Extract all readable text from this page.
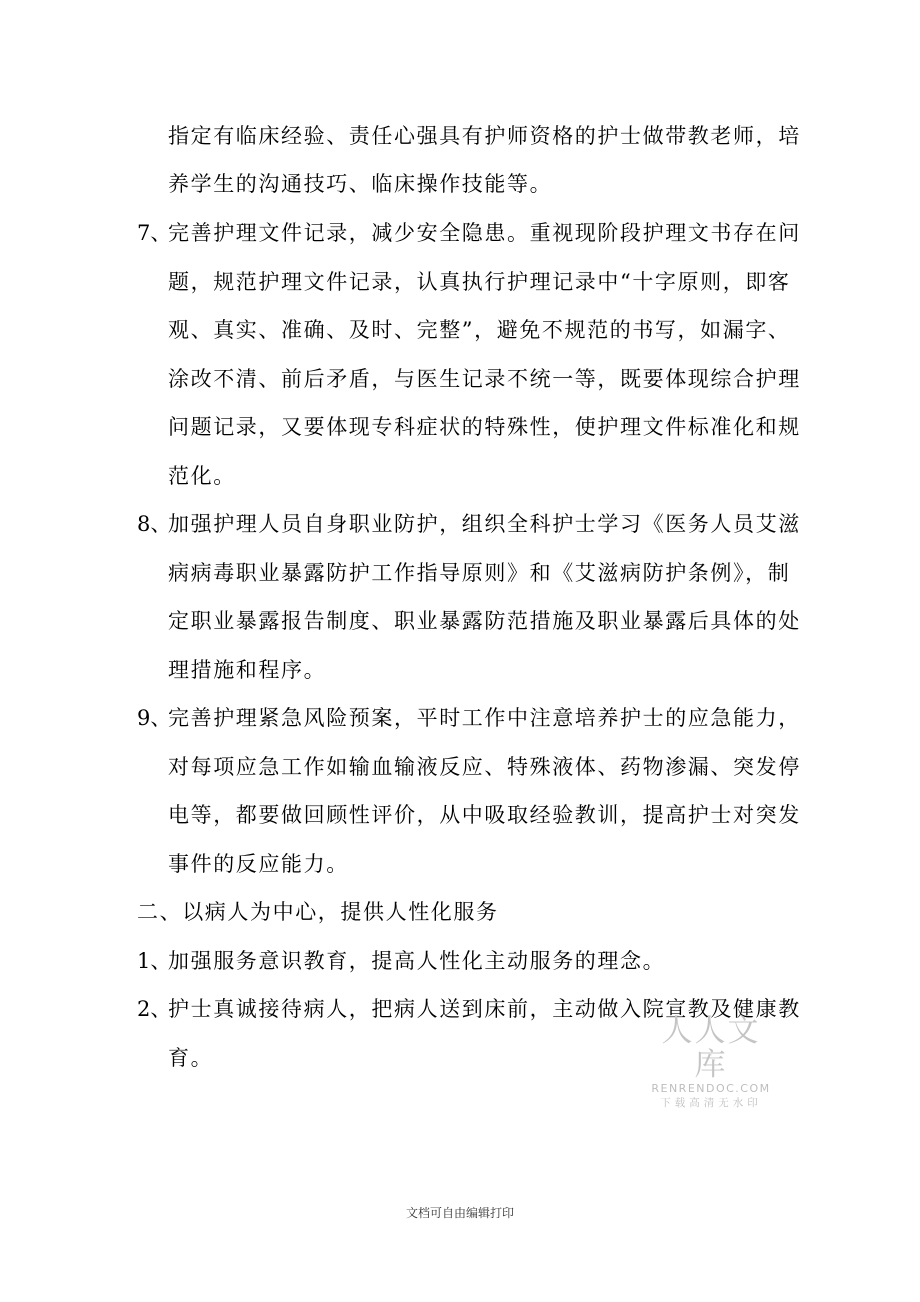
指定有临床经验、责任心强具有护师资格的护士做带教老师，培
养学生的沟通技巧、临床操作技能等。
7、
完善护理文件记录，减少安全隐患。重视现阶段护理文书存在问
题，规范护理文件记录，认真执行护理记录中“十字原则，即客
观、真实、准确、及时、完整”，避免不规范的书写，如漏字、
涂改不清、前后矛盾，与医生记录不统一等，既要体现综合护理
问题记录，又要体现专科症状的特殊性，使护理文件标准化和规
范化。
8、
加强护理人员自身职业防护，组织全科护士学习《医务人员艾滋
病病毒职业暴露防护工作指导原则》和《艾滋病防护条例》，制
定职业暴露报告制度、职业暴露防范措施及职业暴露后具体的处
理措施和程序。
9、
完善护理紧急风险预案，平时工作中注意培养护士的应急能力，
对每项应急工作如输血输液反应、特殊液体、药物渗漏、突发停
电等，都要做回顾性评价，从中吸取经验教训，提高护士对突发
事件的反应能力。
二、以病人为中心，提供人性化服务
1、
加强服务意识教育，提高人性化主动服务的理念。
2、
护士真诚接待病人，把病人送到床前，主动做入院宣教及健康教
育。
人人文库
RENRENDOC.COM
下载高清无水印
文档可自由编辑打印
